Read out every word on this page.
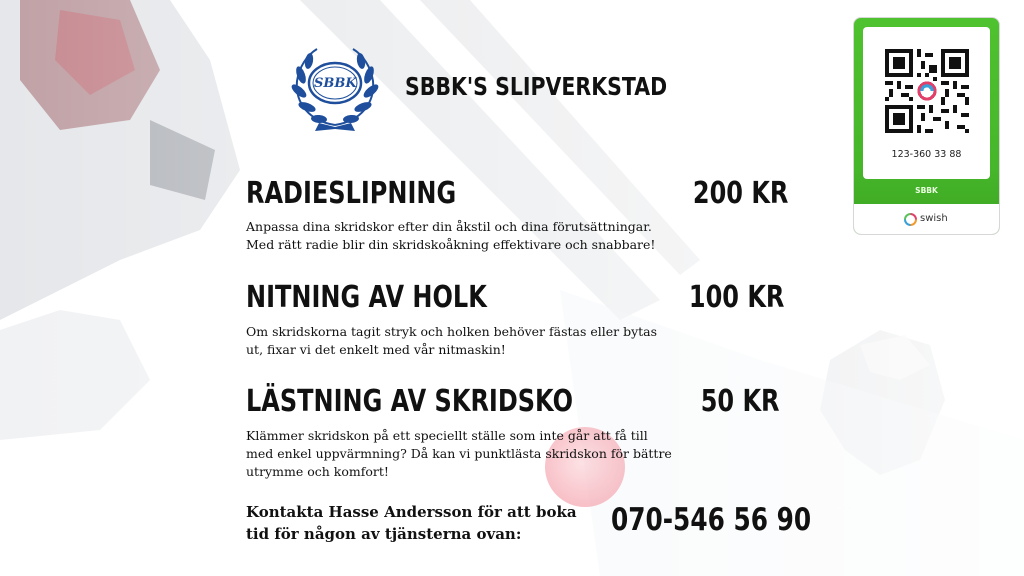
SBBK SBBK'S SLIPVERKSTAD
RADIESLIPNING	200 KR
Anpassa dina skridskor efter din åkstil och dina förutsättningar.
Med rätt radie blir din skridskoåkning effektivare och snabbare!
NITNING AV HOLK	100 KR
Om skridskorna tagit stryk och holken behöver fästas eller bytas
ut, fixar vi det enkelt med vår nitmaskin!
LÄSTNING AV SKRIDSKO	50 KR
Klämmer skridskon på ett speciellt ställe som inte går att få till
med enkel uppvärmning? Då kan vi punktlästa skridskon för bättre
utrymme och komfort!
Kontakta Hasse Andersson för att boka
tid för någon av tjänsterna ovan:	070-546 56 90
123-360 33 88
SBBK
swish
